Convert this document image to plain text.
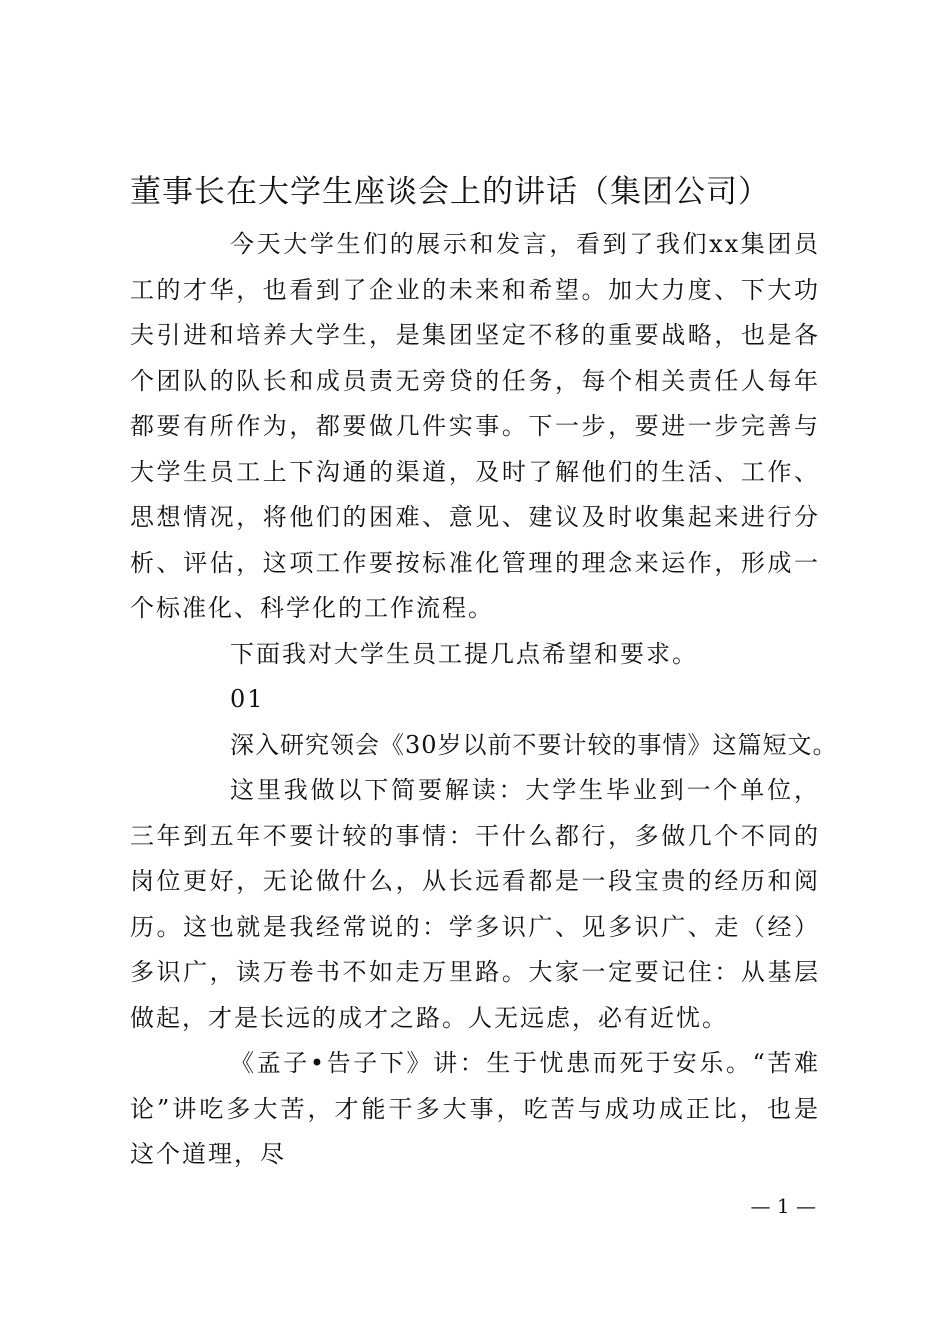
董事长在大学生座谈会上的讲话（集团公司）

今天大学生们的展示和发言，看到了我们xx集团员工的才华，也看到了企业的未来和希望。加大力度、下大功夫引进和培养大学生，是集团坚定不移的重要战略，也是各个团队的队长和成员责无旁贷的任务，每个相关责任人每年都要有所作为，都要做几件实事。下一步，要进一步完善与大学生员工上下沟通的渠道，及时了解他们的生活、工作、思想情况，将他们的困难、意见、建议及时收集起来进行分析、评估，这项工作要按标准化管理的理念来运作，形成一个标准化、科学化的工作流程。

下面我对大学生员工提几点希望和要求。

01

深入研究领会《30岁以前不要计较的事情》这篇短文。

这里我做以下简要解读：大学生毕业到一个单位，三年到五年不要计较的事情：干什么都行，多做几个不同的岗位更好，无论做什么，从长远看都是一段宝贵的经历和阅历。这也就是我经常说的：学多识广、见多识广、走（经）多识广，读万卷书不如走万里路。大家一定要记住：从基层做起，才是长远的成才之路。人无远虑，必有近忧。

《孟子•告子下》讲：生于忧患而死于安乐。“苦难论”讲吃多大苦，才能干多大事，吃苦与成功成正比，也是这个道理，尽

— 1 —
